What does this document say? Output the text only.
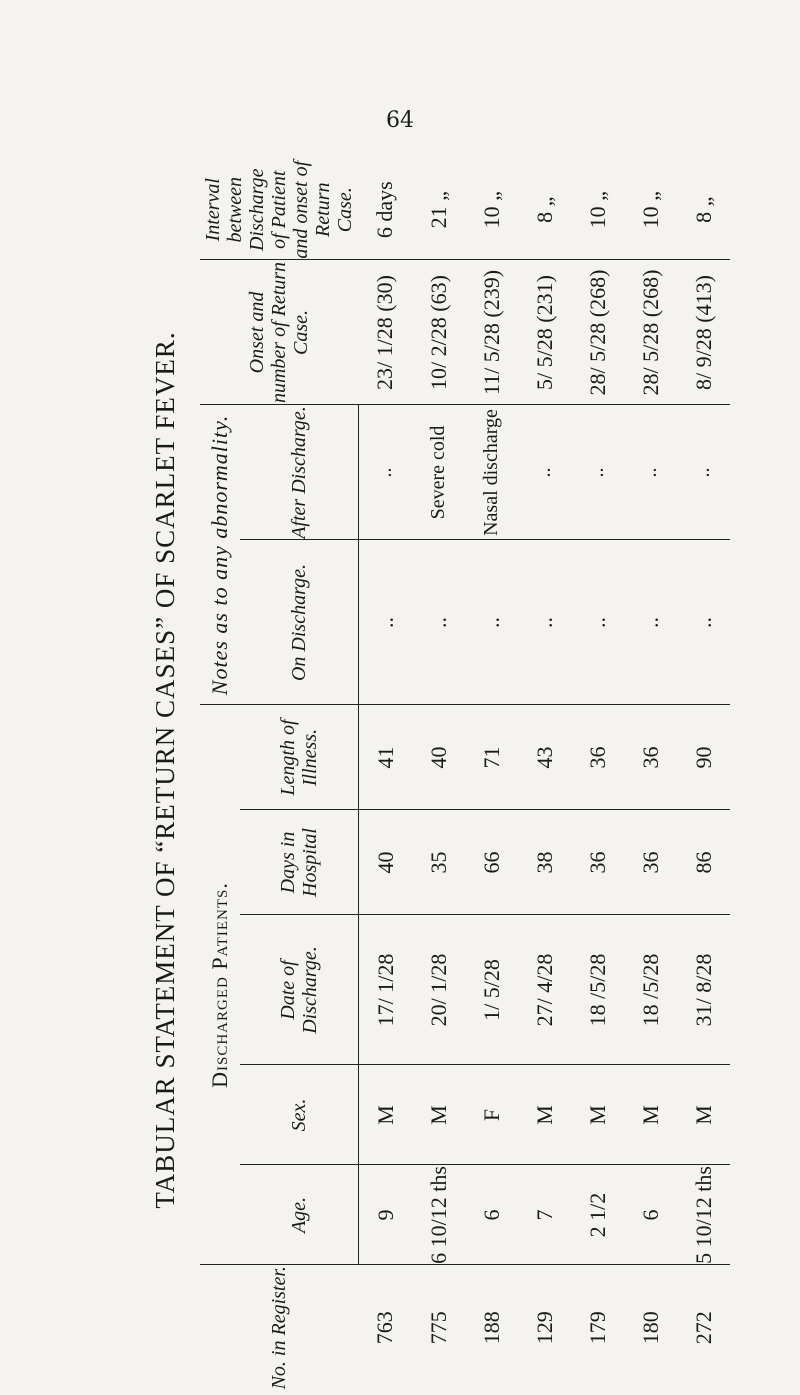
64
TABULAR STATEMENT OF “RETURN CASES” OF SCARLET FEVER.
No. in Register.	Discharged Patients.					Notes as to any abnormality.		Onset and number of Return Case.	Interval between Discharge of Patient and onset of Return Case.
	Age.	Sex.	Date of Discharge.	Days in Hospital	Length of Illness.	On Discharge.	After Discharge.		
763	9	M	17/ 1/28	40	41	..	..	23/ 1/28 (30)	6 days
775	6 10/12 ths	M	20/ 1/28	35	40	..	Severe cold	10/ 2/28 (63)	21 „
188	6	F	1/ 5/28	66	71	..	Nasal discharge	11/ 5/28 (239)	10 „
129	7	M	27/ 4/28	38	43	..	..	5/ 5/28 (231)	8 „
179	2 1/2	M	18 /5/28	36	36	..	..	28/ 5/28 (268)	10 „
180	6	M	18 /5/28	36	36	..	..	28/ 5/28 (268)	10 „
272	5 10/12 ths	M	31/ 8/28	86	90	..	..	8/ 9/28 (413)	8 „
